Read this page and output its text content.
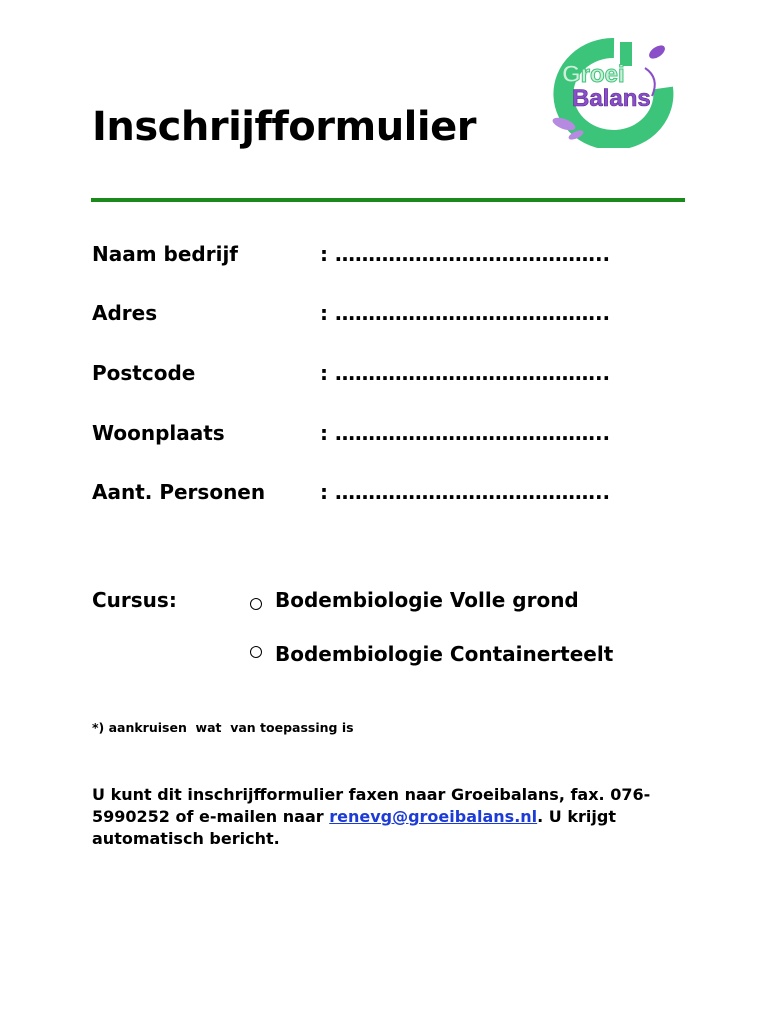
Groei
Balans
Inschrijfformulier
Naam bedrijf	: …………………………………..
Adres	: …………………………………..
Postcode	: …………………………………..
Woonplaats	: …………………………………..
Aant. Personen	: …………………………………..
Cursus:	Bodembiologie Volle grond
Bodembiologie Containerteelt
*) aankruisen  wat  van toepassing is

U kunt dit inschrijfformulier faxen naar Groeibalans, fax. 076-5990252 of e-mailen naar renevg@groeibalans.nl. U krijgt automatisch bericht.
